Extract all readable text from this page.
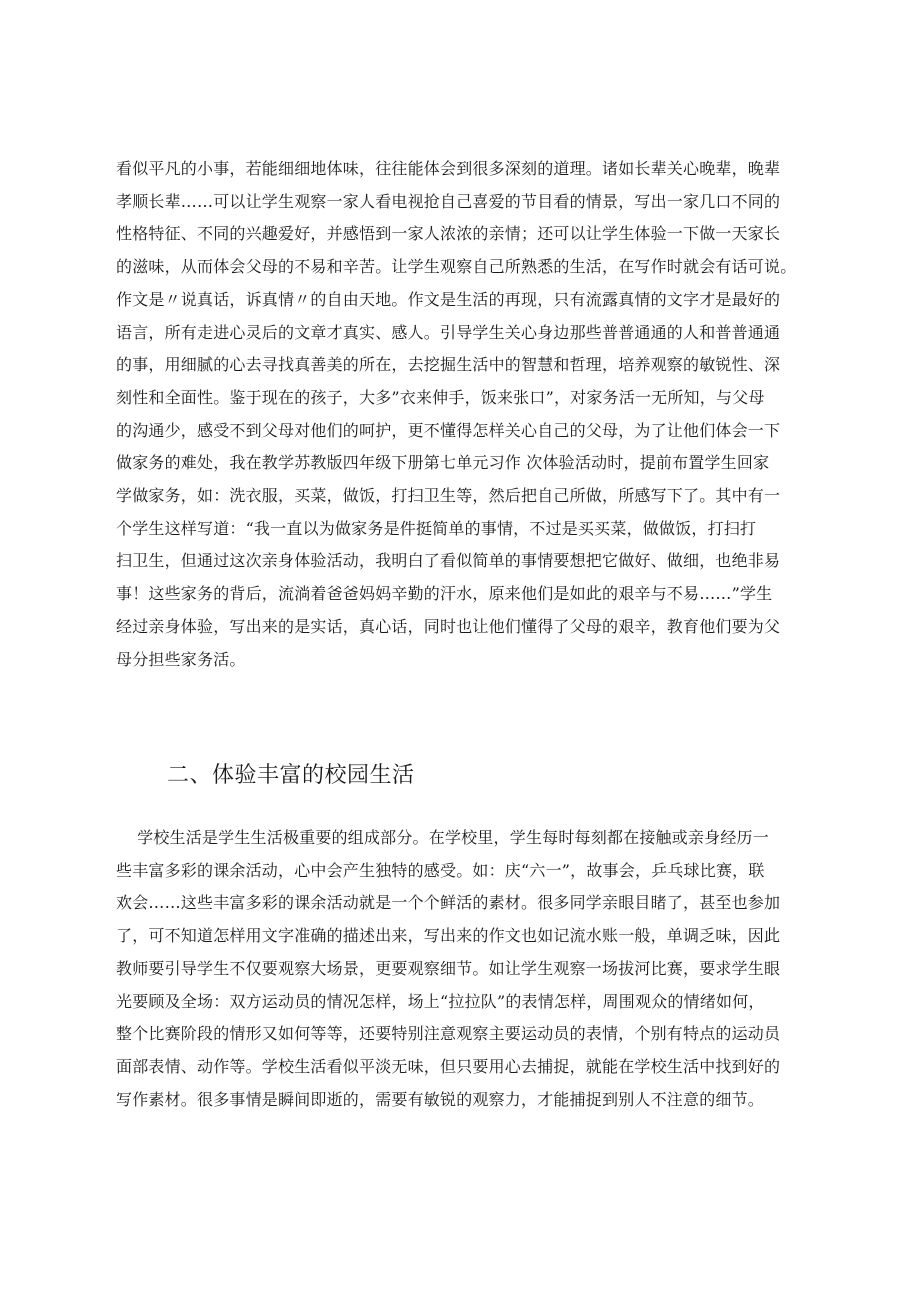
看似平凡的小事，若能细细地体味，往往能体会到很多深刻的道理。诸如长辈关心晚辈，晚辈
孝顺长辈……可以让学生观察一家人看电视抢自己喜爱的节目看的情景，写出一家几口不同的
性格特征、不同的兴趣爱好，并感悟到一家人浓浓的亲情；还可以让学生体验一下做一天家长
的滋味，从而体会父母的不易和辛苦。让学生观察自己所熟悉的生活，在写作时就会有话可说。
作文是〃说真话，诉真情〃的自由天地。作文是生活的再现，只有流露真情的文字才是最好的
语言，所有走进心灵后的文章才真实、感人。引导学生关心身边那些普普通通的人和普普通通
的事，用细腻的心去寻找真善美的所在，去挖掘生活中的智慧和哲理，培养观察的敏锐性、深
刻性和全面性。鉴于现在的孩子，大多”衣来伸手，饭来张口”，对家务活一无所知，与父母
的沟通少，感受不到父母对他们的呵护，更不懂得怎样关心自己的父母，为了让他们体会一下
做家务的难处，我在教学苏教版四年级下册第七单元习作 次体验活动时，提前布置学生回家
学做家务，如：洗衣服，买菜，做饭，打扫卫生等，然后把自己所做，所感写下了。其中有一
个学生这样写道：“我一直以为做家务是件挺简单的事情，不过是买买菜，做做饭，打扫打
扫卫生，但通过这次亲身体验活动，我明白了看似简单的事情要想把它做好、做细，也绝非易
事！这些家务的背后，流淌着爸爸妈妈辛勤的汗水，原来他们是如此的艰辛与不易……”学生
经过亲身体验，写出来的是实话，真心话，同时也让他们懂得了父母的艰辛，教育他们要为父
母分担些家务活。

二、体验丰富的校园生活

学校生活是学生生活极重要的组成部分。在学校里，学生每时每刻都在接触或亲身经历一
些丰富多彩的课余活动，心中会产生独特的感受。如：庆“六一”，故事会，乒乓球比赛，联
欢会……这些丰富多彩的课余活动就是一个个鲜活的素材。很多同学亲眼目睹了，甚至也参加
了，可不知道怎样用文字准确的描述出来，写出来的作文也如记流水账一般，单调乏味，因此
教师要引导学生不仅要观察大场景，更要观察细节。如让学生观察一场拔河比赛，要求学生眼
光要顾及全场：双方运动员的情况怎样，场上“拉拉队”的表情怎样，周围观众的情绪如何，
整个比赛阶段的情形又如何等等，还要特别注意观察主要运动员的表情，个别有特点的运动员
面部表情、动作等。学校生活看似平淡无味，但只要用心去捕捉，就能在学校生活中找到好的
写作素材。很多事情是瞬间即逝的，需要有敏锐的观察力，才能捕捉到别人不注意的细节。
